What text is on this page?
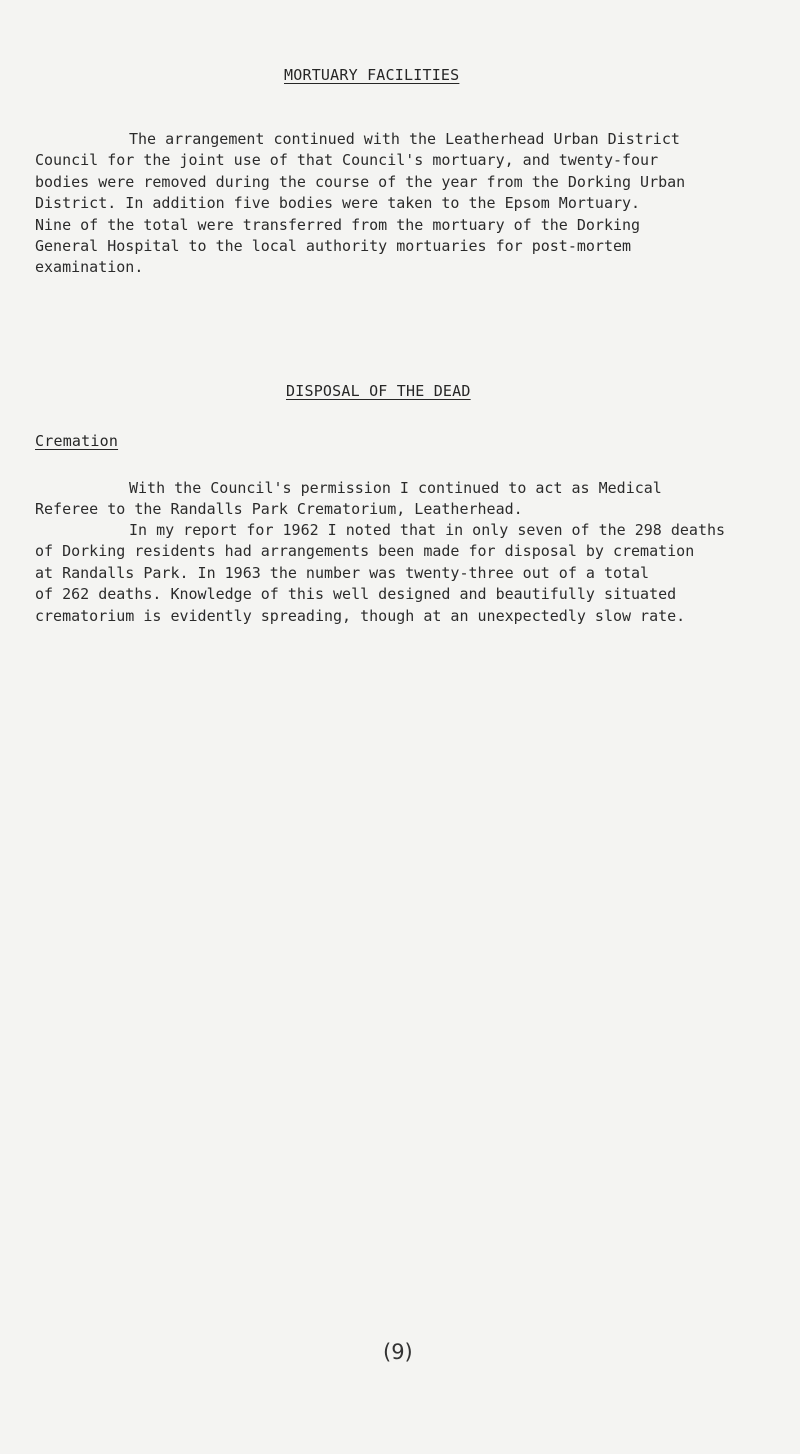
MORTUARY FACILITIES
The arrangement continued with the Leatherhead Urban District
Council for the joint use of that Council's mortuary, and twenty-four
bodies were removed during the course of the year from the Dorking Urban
District. In addition five bodies were taken to the Epsom Mortuary.
Nine of the total were transferred from the mortuary of the Dorking
General Hospital to the local authority mortuaries for post-mortem
examination.
DISPOSAL OF THE DEAD
Cremation
With the Council's permission I continued to act as Medical
Referee to the Randalls Park Crematorium, Leatherhead.
In my report for 1962 I noted that in only seven of the 298 deaths
of Dorking residents had arrangements been made for disposal by cremation
at Randalls Park. In 1963 the number was twenty-three out of a total
of 262 deaths. Knowledge of this well designed and beautifully situated
crematorium is evidently spreading, though at an unexpectedly slow rate.
(9)
